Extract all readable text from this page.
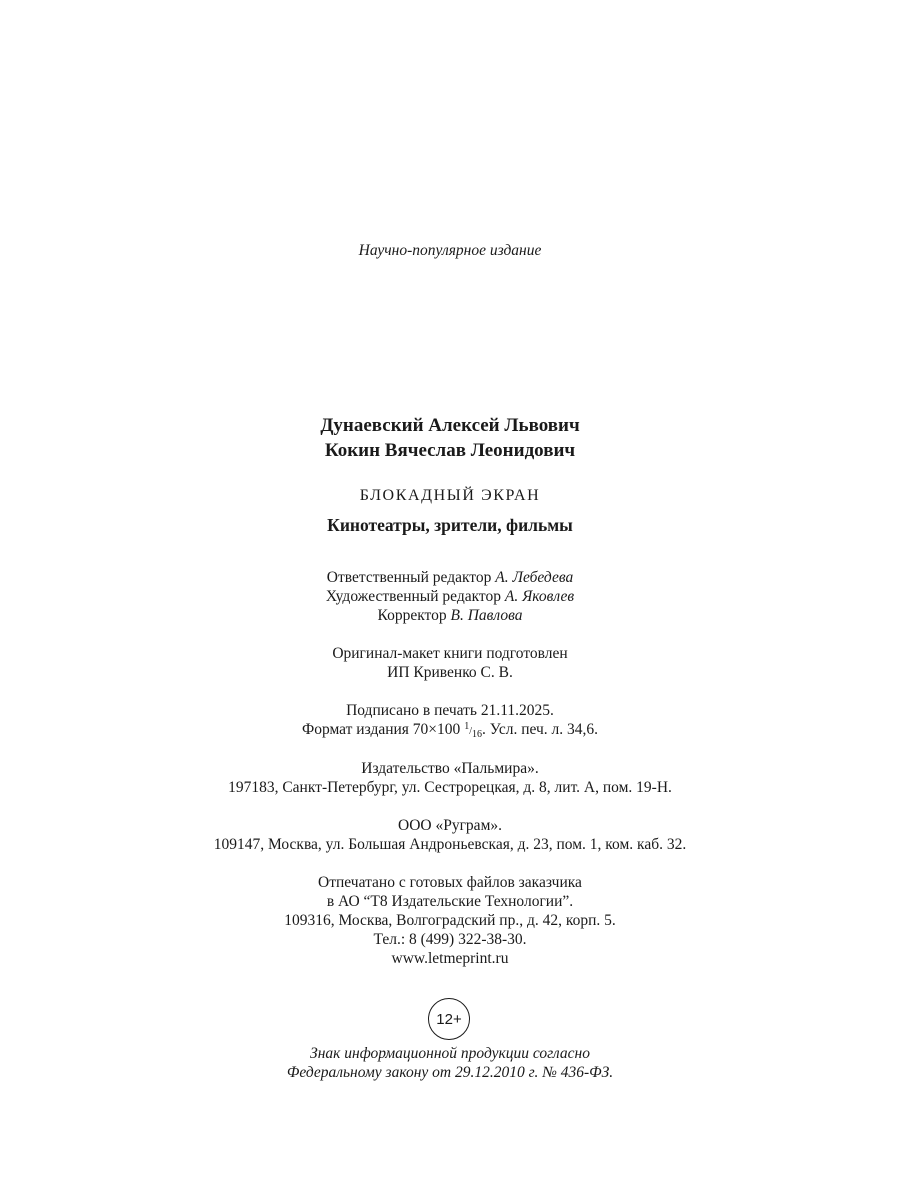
Научно-популярное издание
Дунаевский Алексей Львович
Кокин Вячеслав Леонидович
БЛОКАДНЫЙ ЭКРАН
Кинотеатры, зрители, фильмы
Ответственный редактор А. Лебедева
Художественный редактор А. Яковлев
Корректор В. Павлова
Оригинал-макет книги подготовлен
ИП Кривенко С. В.
Подписано в печать 21.11.2025.
Формат издания 70×100 1/16. Усл. печ. л. 34,6.
Издательство «Пальмира».
197183, Санкт-Петербург, ул. Сестрорецкая, д. 8, лит. А, пом. 19-Н.
ООО «Руграм».
109147, Москва, ул. Большая Андроньевская, д. 23, пом. 1, ком. каб. 32.
Отпечатано с готовых файлов заказчика
в АО “Т8 Издательские Технологии”.
109316, Москва, Волгоградский пр., д. 42, корп. 5.
Тел.: 8 (499) 322-38-30.
www.letmeprint.ru
12+
Знак информационной продукции согласно
Федеральному закону от 29.12.2010 г. № 436-ФЗ.
